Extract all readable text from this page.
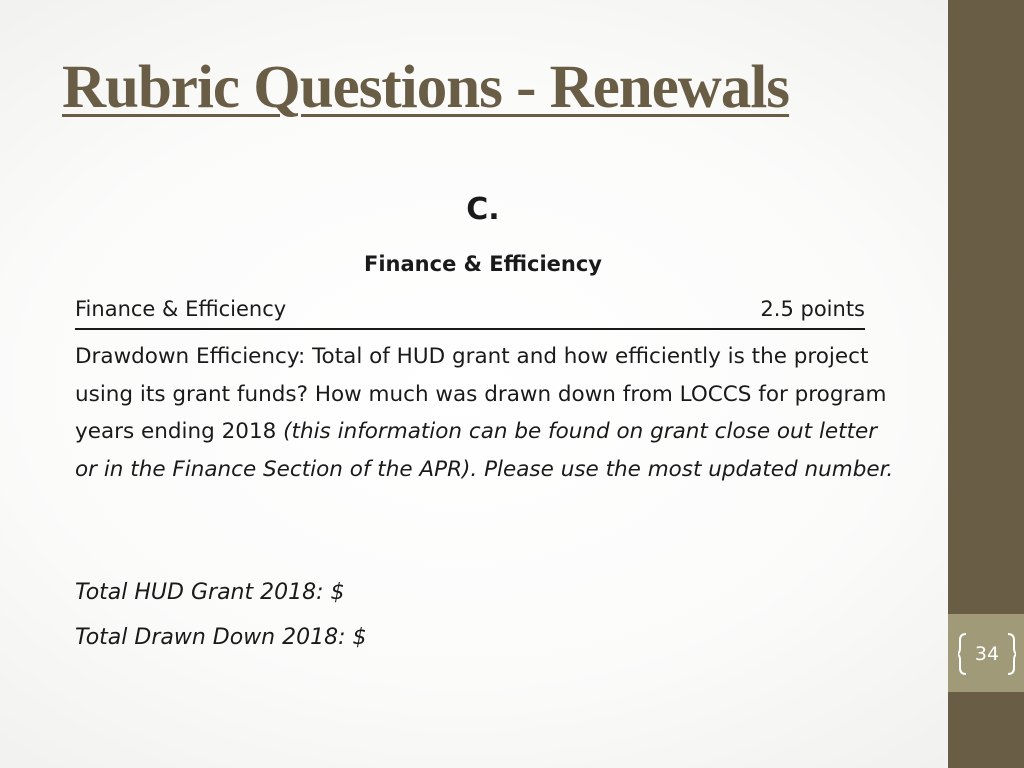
34
Rubric Questions - Renewals
C.
Finance & Efficiency
Finance & Efficiency	2.5 points

Drawdown Efficiency: Total of HUD grant and how efficiently is the project using its grant funds? How much was drawn down from LOCCS for program years ending 2018 (this information can be found on grant close out letter or in the Finance Section of the APR). Please use the most updated number.

Total HUD Grant 2018: $
Total Drawn Down 2018: $
